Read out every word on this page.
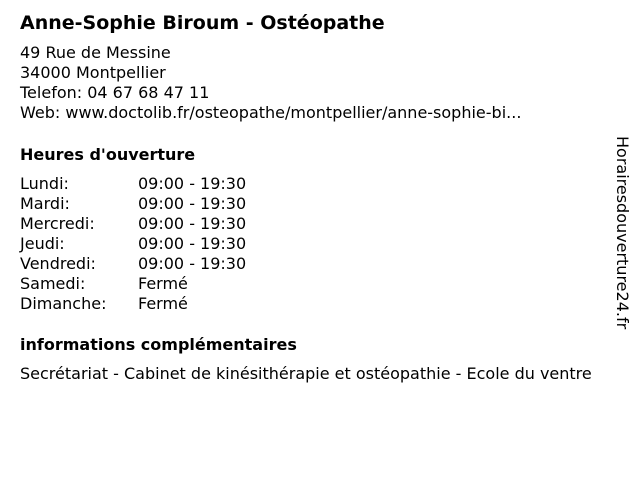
Anne-Sophie Biroum - Ostéopathe
49 Rue de Messine
34000 Montpellier
Telefon: 04 67 68 47 11
Web: www.doctolib.fr/osteopathe/montpellier/anne-sophie-bi...
Heures d'ouverture
Lundi:	09:00 - 19:30
Mardi:	09:00 - 19:30
Mercredi:	09:00 - 19:30
Jeudi:	09:00 - 19:30
Vendredi:	09:00 - 19:30
Samedi:	Fermé
Dimanche: Fermé
informations complémentaires
Secrétariat - Cabinet de kinésithérapie et ostéopathie - Ecole du ventre
Horairesdouverture24.fr
